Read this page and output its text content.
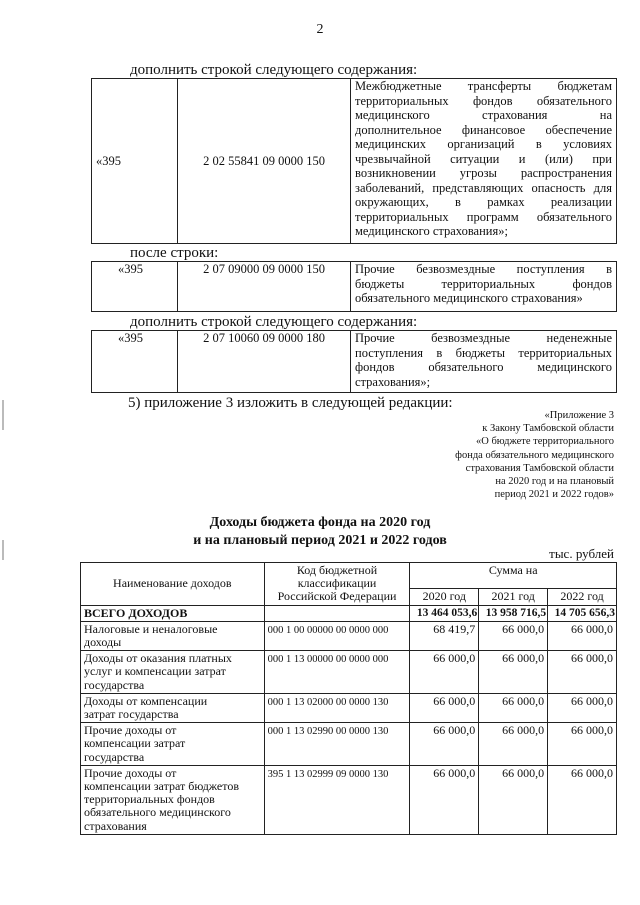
2
дополнить строкой следующего содержания:
«395	2 02 55841 09 0000 150	
Межбюджетные трансферты бюджетам
территориальных фондов обязательного
медицинского страхования на
дополнительное финансовое обеспечение
медицинских организаций в условиях
чрезвычайной ситуации и (или) при
возникновении угрозы распространения
заболеваний, представляющих опасность для
окружающих, в рамках реализации
территориальных программ обязательного
медицинского страхования»;
после строки:
«395	2 07 09000 09 0000 150	Прочие безвозмездные поступления в
бюджеты территориальных фондов
обязательного медицинского страхования»
дополнить строкой следующего содержания:
«395	2 07 10060 09 0000 180	Прочие безвозмездные неденежные
поступления в бюджеты территориальных
фондов обязательного медицинского
страхования»;
5) приложение 3 изложить в следующей редакции:
«Приложение 3
к Закону Тамбовской области
«О бюджете территориального
фонда обязательного медицинского
страхования Тамбовской области
на 2020 год и на плановый
период 2021 и 2022 годов»
Доходы бюджета фонда на 2020 год
и на плановый период 2021 и 2022 годов
тыс. рублей
Наименование доходов	Код бюджетной
классификации
Российской Федерации	Сумма на		
		2020 год	2021 год	2022 год

ВСЕГО ДОХОДОВ		13 464 053,6	13 958 716,5	14 705 656,3

Налоговые и неналоговые
доходы	000 1 00 00000 00 0000 000	68 419,7	66 000,0	66 000,0

Доходы от оказания платных
услуг и компенсации затрат
государства	000 1 13 00000 00 0000 000	66 000,0	66 000,0	66 000,0

Доходы от компенсации
затрат государства	000 1 13 02000 00 0000 130	66 000,0	66 000,0	66 000,0

Прочие доходы от
компенсации затрат
государства	000 1 13 02990 00 0000 130	66 000,0	66 000,0	66 000,0

Прочие доходы от
компенсации затрат бюджетов
территориальных фондов
обязательного медицинского
страхования	395 1 13 02999 09 0000 130	66 000,0	66 000,0	66 000,0
